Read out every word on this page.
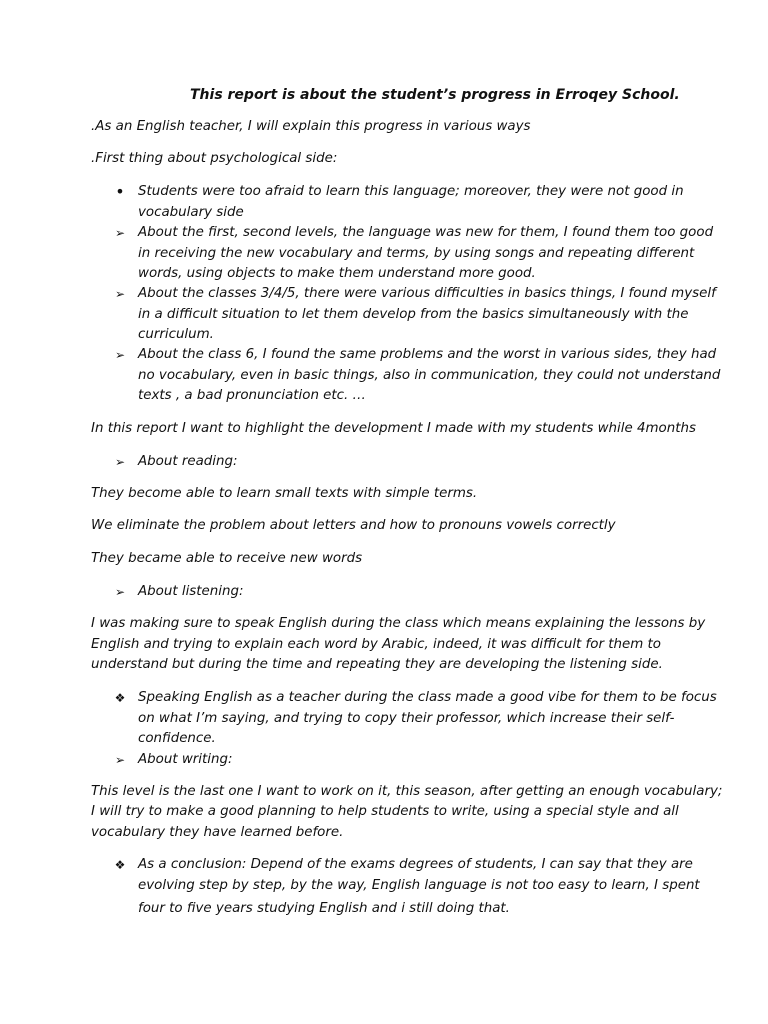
This report is about the student’s progress in Erroqey School.
.As an English teacher, I will explain this progress in various ways
.First thing about psychological side:
• Students were too afraid to learn this language; moreover, they were not good in
vocabulary side
➢ About the first, second levels, the language was new for them, I found them too good
in receiving the new vocabulary and terms, by using songs and repeating different
words, using objects to make them understand more good.
➢ About the classes 3/4/5, there were various difficulties in basics things, I found myself
in a difficult situation to let them develop from the basics simultaneously with the
curriculum.
➢ About the class 6, I found the same problems and the worst in various sides, they had
no vocabulary, even in basic things, also in communication, they could not understand
texts , a bad pronunciation etc. …
In this report I want to highlight the development I made with my students while 4months
➢ About reading:
They become able to learn small texts with simple terms.
We eliminate the problem about letters and how to pronouns vowels correctly
They became able to receive new words
➢ About listening:
I was making sure to speak English during the class which means explaining the lessons by
English and trying to explain each word by Arabic, indeed, it was difficult for them to
understand but during the time and repeating they are developing the listening side.
❖ Speaking English as a teacher during the class made a good vibe for them to be focus
on what I’m saying, and trying to copy their professor, which increase their self-
confidence.
➢ About writing:
This level is the last one I want to work on it, this season, after getting an enough vocabulary;
I will try to make a good planning to help students to write, using a special style and all
vocabulary they have learned before.
❖ As a conclusion: Depend of the exams degrees of students, I can say that they are
evolving step by step, by the way, English language is not too easy to learn, I spent
four to five years studying English and i still doing that.
